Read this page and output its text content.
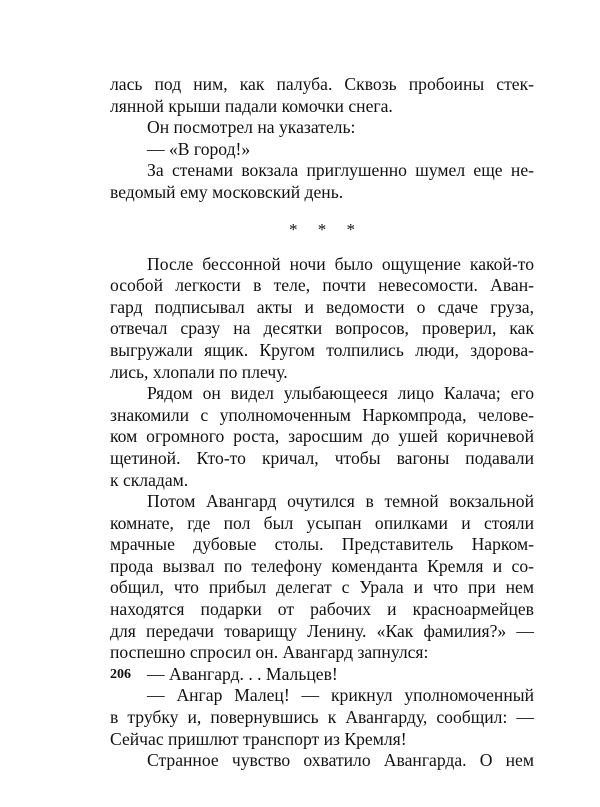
лась под ним, как палуба. Сквозь пробоины стек-
лянной крыши падали комочки снега.
Он посмотрел на указатель:
— «В город!»
За стенами вокзала приглушенно шумел еще не-
ведомый ему московский день.
* * *
После бессонной ночи было ощущение какой-то
особой легкости в теле, почти невесомости. Аван-
гард подписывал акты и ведомости о сдаче груза,
отвечал сразу на десятки вопросов, проверил, как
выгружали ящик. Кругом толпились люди, здорова-
лись, хлопали по плечу.
Рядом он видел улыбающееся лицо Калача; его
знакомили с уполномоченным Наркомпрода, челове-
ком огромного роста, заросшим до ушей коричневой
щетиной. Кто-то кричал, чтобы вагоны подавали
к складам.
Потом Авангард очутился в темной вокзальной
комнате, где пол был усыпан опилками и стояли
мрачные дубовые столы. Представитель Нарком-
прода вызвал по телефону коменданта Кремля и со-
общил, что прибыл делегат с Урала и что при нем
находятся подарки от рабочих и красноармейцев
для передачи товарищу Ленину. «Как фамилия?» —
поспешно спросил он. Авангард запнулся:
— Авангард. . . Мальцев!
— Ангар Малец! — крикнул уполномоченный
в трубку и, повернувшись к Авангарду, сообщил: —
Сейчас пришлют транспорт из Кремля!
Странное чувство охватило Авангарда. О нем
206
